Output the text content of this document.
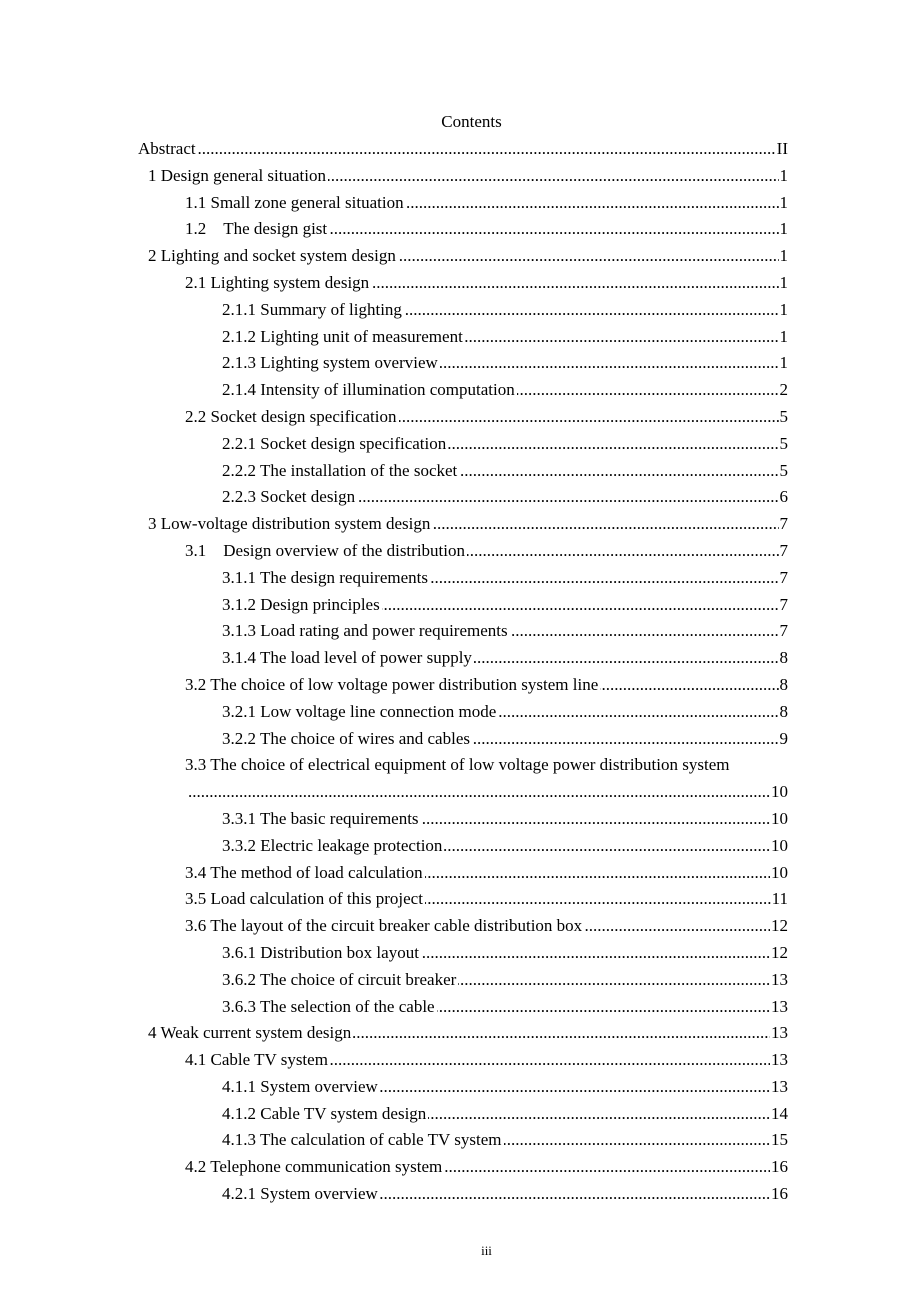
Contents
.....
Abstract	II
.....
1 Design general situation	1
.....
1.1 Small zone general situation	1
.....
1.2    The design gist	1
.....
2 Lighting and socket system design	1
.....
2.1 Lighting system design	1
.....
2.1.1 Summary of lighting	1
.....
2.1.2 Lighting unit of measurement	1
.....
2.1.3 Lighting system overview	1
.....
2.1.4 Intensity of illumination computation	2
.....
2.2 Socket design specification	5
.....
2.2.1 Socket design specification	5
.....
2.2.2 The installation of the socket	5
.....
2.2.3 Socket design	6
.....
3 Low-voltage distribution system design	7
.....
3.1    Design overview of the distribution	7
.....
3.1.1 The design requirements	7
.....
3.1.2 Design principles	7
.....
3.1.3 Load rating and power requirements	7
.....
3.1.4 The load level of power supply	8
.....
3.2 The choice of low voltage power distribution system line	8
.....
3.2.1 Low voltage line connection mode	8
.....
3.2.2 The choice of wires and cables	9
3.3 The choice of electrical equipment of low voltage power distribution system
.....
10
.....
3.3.1 The basic requirements	10
.....
3.3.2 Electric leakage protection	10
.....
3.4 The method of load calculation	10
.....
3.5 Load calculation of this project	11
.....
3.6 The layout of the circuit breaker cable distribution box	12
.....
3.6.1 Distribution box layout	12
.....
3.6.2 The choice of circuit breaker	13
.....
3.6.3 The selection of the cable	13
.....
4 Weak current system design	13
.....
4.1 Cable TV system	13
.....
4.1.1 System overview	13
.....
4.1.2 Cable TV system design	14
.....
4.1.3 The calculation of cable TV system	15
.....
4.2 Telephone communication system	16
.....
4.2.1 System overview	16
iii
